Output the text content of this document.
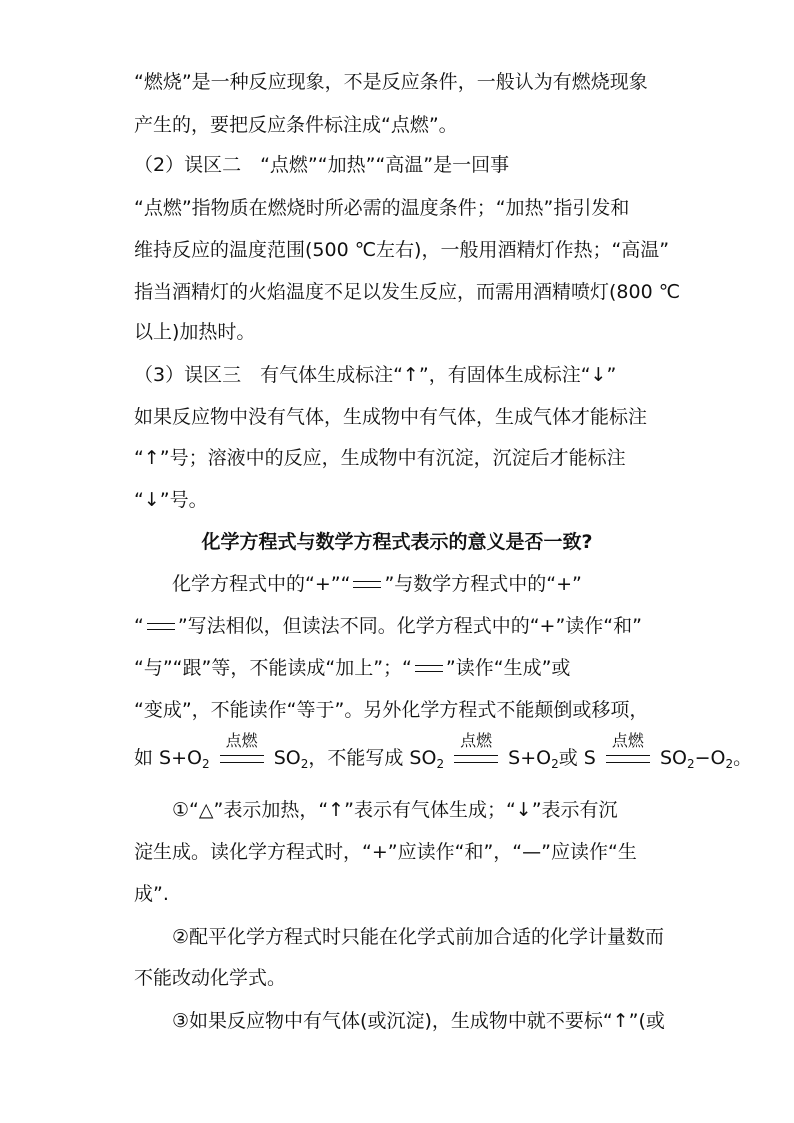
“燃烧”是一种反应现象，不是反应条件，一般认为有燃烧现象
产生的，要把反应条件标注成“点燃”。
（2）误区二　“点燃”“加热”“高温”是一回事
“点燃”指物质在燃烧时所必需的温度条件；“加热”指引发和
维持反应的温度范围(500 ℃左右)，一般用酒精灯作热；“高温”
指当酒精灯的火焰温度不足以发生反应，而需用酒精喷灯(800 ℃
以上)加热时。
（3）误区三　有气体生成标注“↑”，有固体生成标注“↓”
如果反应物中没有气体，生成物中有气体，生成气体才能标注
“↑”号；溶液中的反应，生成物中有沉淀，沉淀后才能标注
“↓”号。
化学方程式与数学方程式表示的意义是否一致?
化学方程式中的“+”“ ”与数学方程式中的“+”
“ ”写法相似，但读法不同。化学方程式中的“+”读作“和”
“与”“跟”等，不能读成“加上”；“ ”读作“生成”或
“变成”，不能读作“等于”。另外化学方程式不能颠倒或移项，
如 $S+O_2$
点燃
$SO_2$，不能写成 $SO_2$
点燃
$S+O_2$或 S
点燃
$SO_2-O_2$。
①“△”表示加热，“↑”表示有气体生成；“↓”表示有沉
淀生成。读化学方程式时，“+”应读作“和”，“—”应读作“生
成”.
②配平化学方程式时只能在化学式前加合适的化学计量数而
不能改动化学式。
③如果反应物中有气体(或沉淀)，生成物中就不要标“↑”(或
